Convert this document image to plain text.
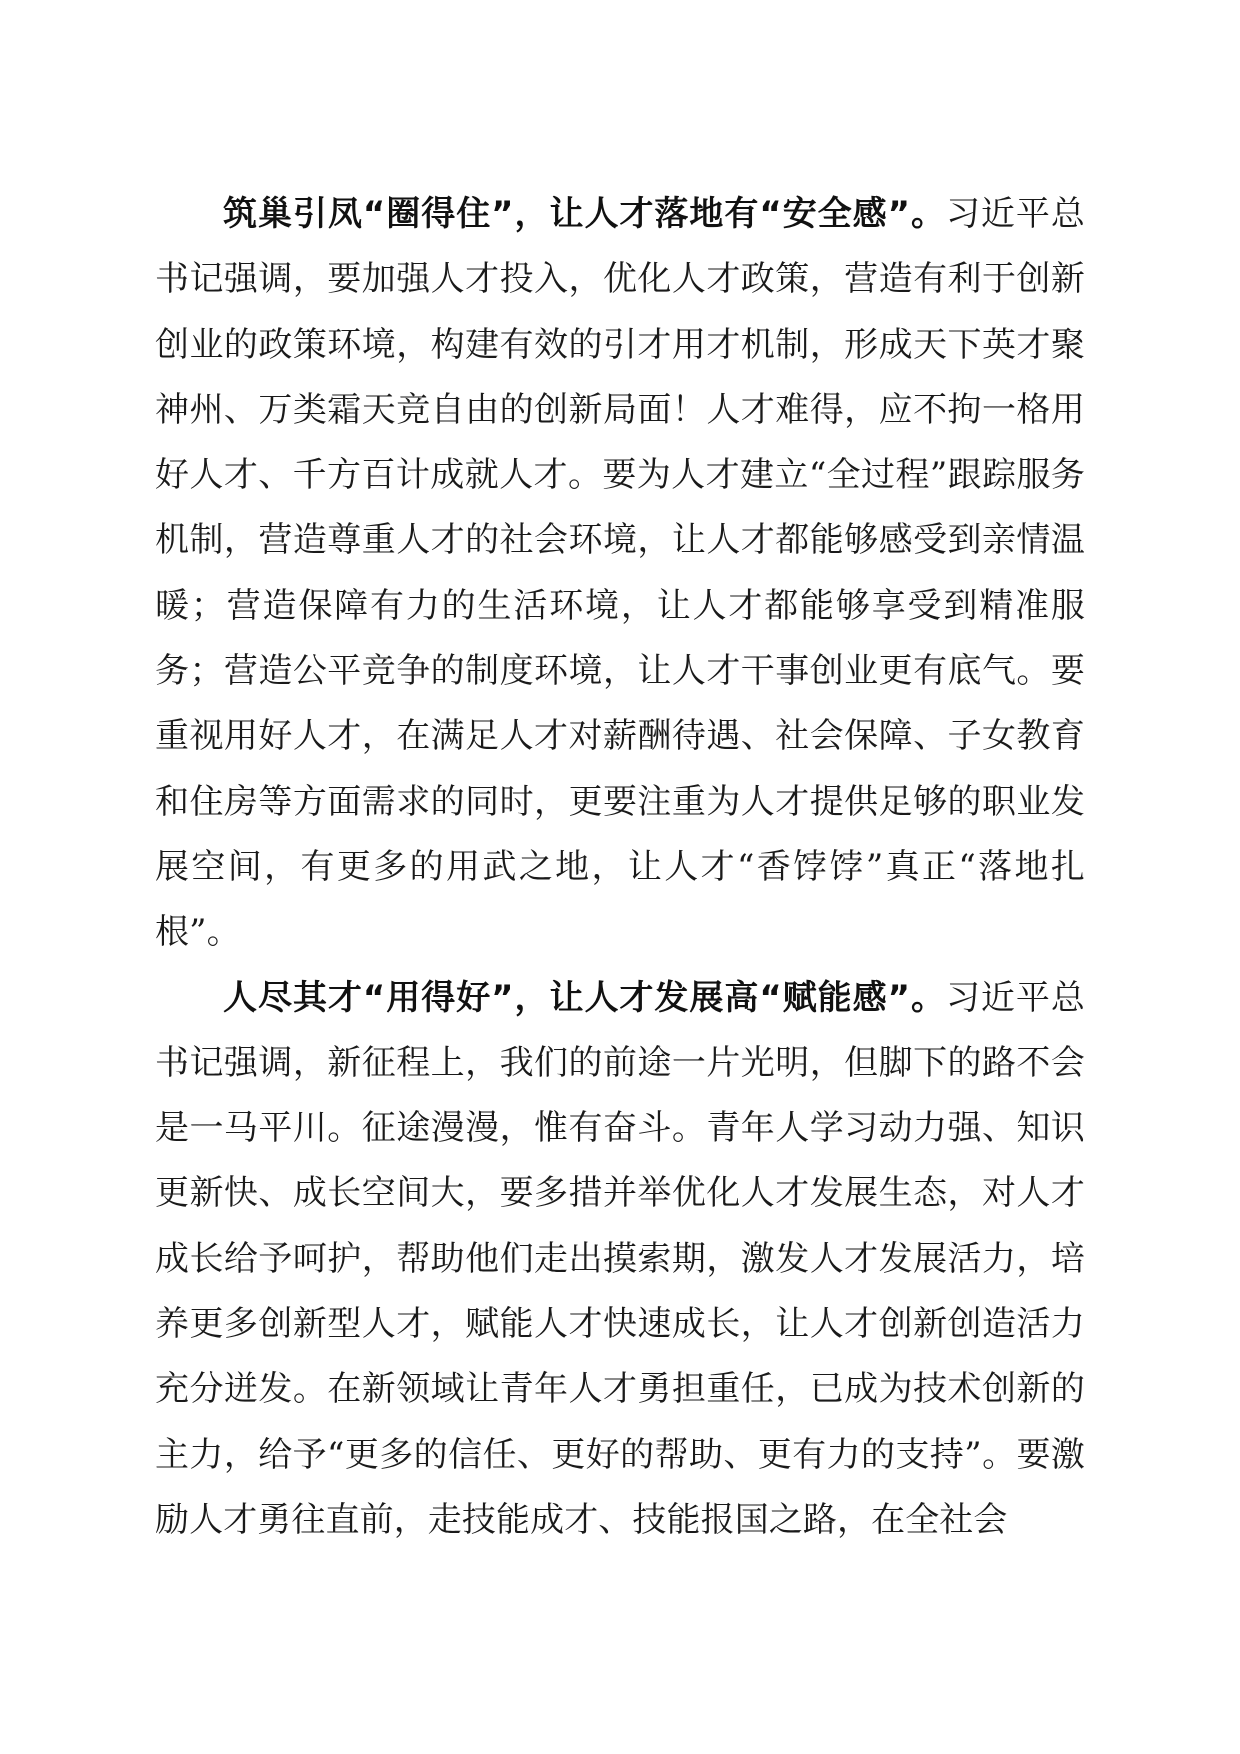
筑巢引凤“圈得住”，让人才落地有“安全感”。习近平总书记强调，要加强人才投入，优化人才政策，营造有利于创新创业的政策环境，构建有效的引才用才机制，形成天下英才聚神州、万类霜天竞自由的创新局面！人才难得，应不拘一格用好人才、千方百计成就人才。要为人才建立“全过程”跟踪服务机制，营造尊重人才的社会环境，让人才都能够感受到亲情温暖；营造保障有力的生活环境，让人才都能够享受到精准服务；营造公平竞争的制度环境，让人才干事创业更有底气。要重视用好人才，在满足人才对薪酬待遇、社会保障、子女教育和住房等方面需求的同时，更要注重为人才提供足够的职业发展空间，有更多的用武之地，让人才“香饽饽”真正“落地扎根”。

人尽其才“用得好”，让人才发展高“赋能感”。习近平总书记强调，新征程上，我们的前途一片光明，但脚下的路不会是一马平川。征途漫漫，惟有奋斗。青年人学习动力强、知识更新快、成长空间大，要多措并举优化人才发展生态，对人才成长给予呵护，帮助他们走出摸索期，激发人才发展活力，培养更多创新型人才，赋能人才快速成长，让人才创新创造活力充分迸发。在新领域让青年人才勇担重任，已成为技术创新的主力，给予“更多的信任、更好的帮助、更有力的支持”。要激励人才勇往直前，走技能成才、技能报国之路，在全社会
